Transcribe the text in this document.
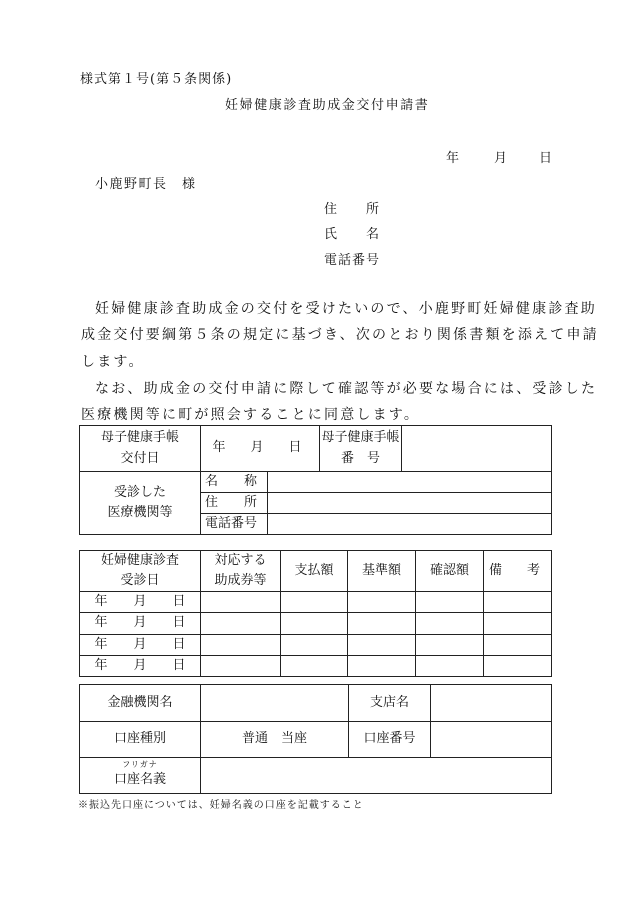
様式第１号(第５条関係)
妊婦健康診査助成金交付申請書
年	月 日
小鹿野町長　様
住　　所
氏　　名
電話番号
妊婦健康診査助成金の交付を受けたいので、小鹿野町妊婦健康診査助
成金交付要綱第５条の規定に基づき、次のとおり関係書類を添えて申請
します。
なお、助成金の交付申請に際して確認等が必要な場合には、受診した
医療機関等に町が照会することに同意します。
母子健康手帳
交付日	年　月　日		母子健康手帳
番　号	
受診した
医療機関等	名　　称			
	住　　所			
	電話番号			
妊婦健康診査
受診日	対応する
助成券等	支払額	基準額	確認額	備　考
年　　月　　日					
年　　月　　日					
年　　月　　日					
年　　月　　日					
金融機関名		支店名	
口座種別	普通　当座	口座番号	

フリガナ
口座名義			
※振込先口座については、妊婦名義の口座を記載すること
